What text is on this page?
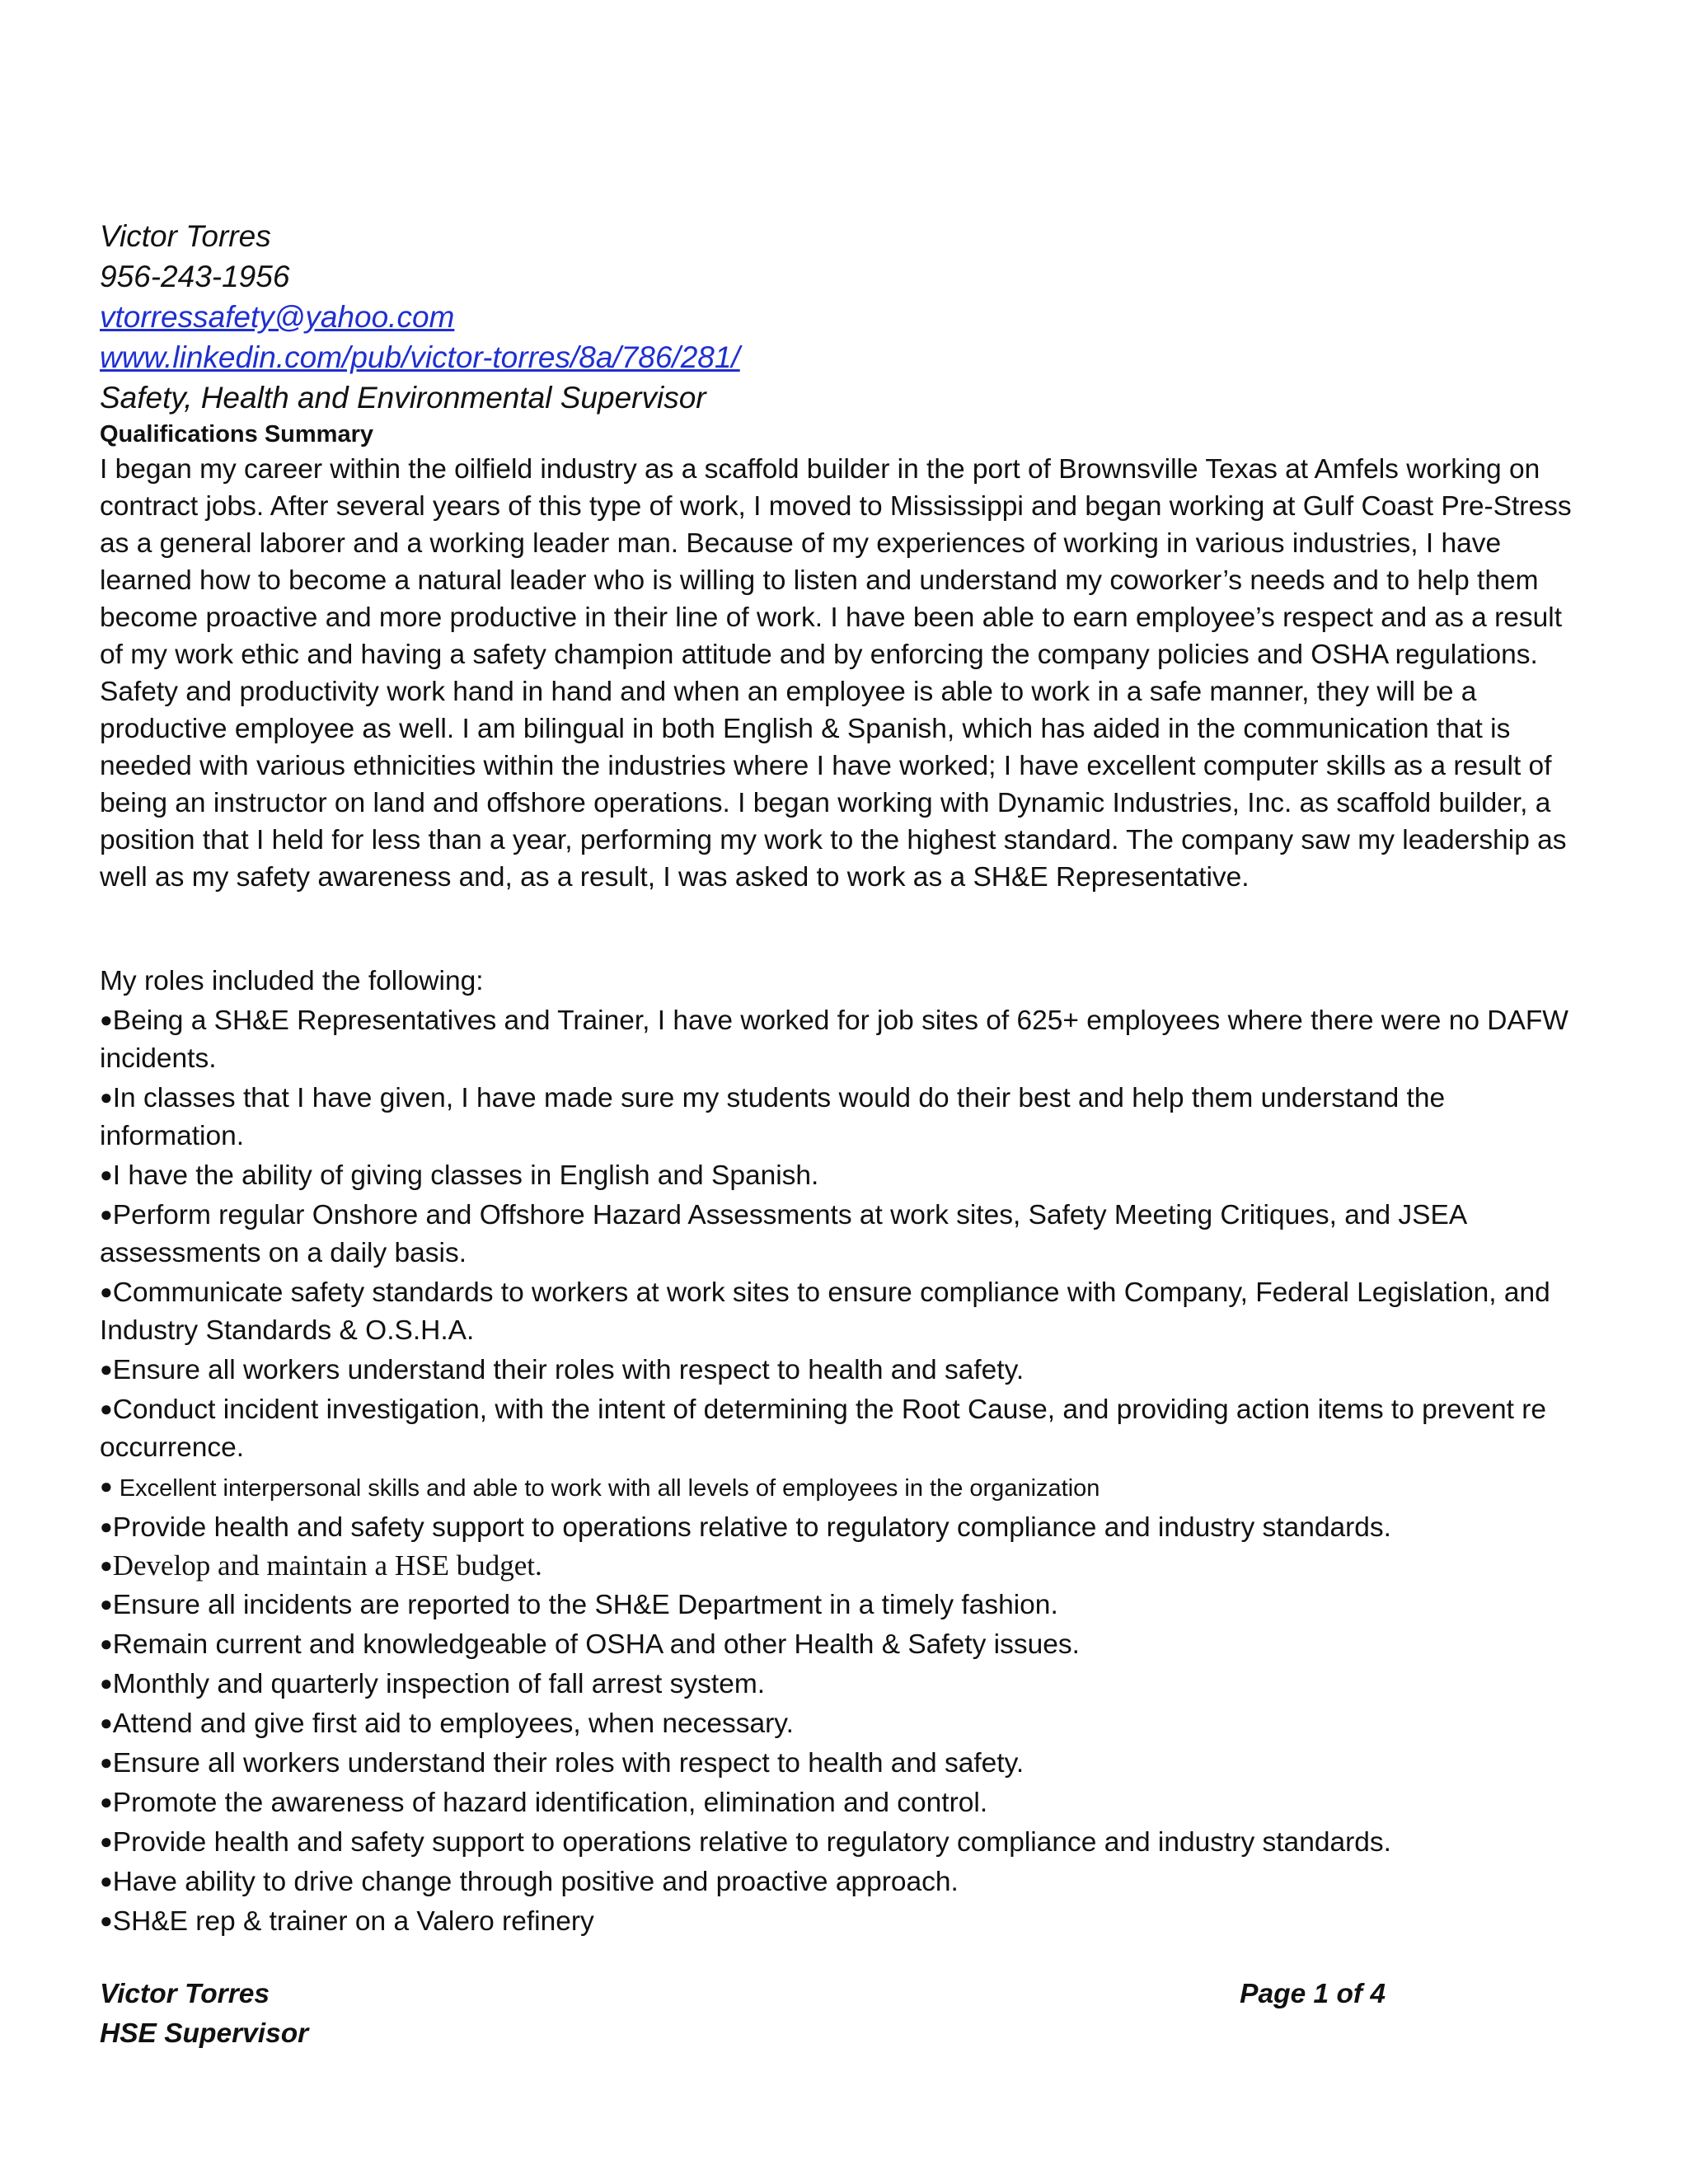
Victor Torres

956-243-1956

vtorressafety@yahoo.com

www.linkedin.com/pub/victor-torres/8a/786/281/

Safety, Health and Environmental Supervisor

Qualifications Summary

I began my career within the oilfield industry as a scaffold builder in the port of Brownsville Texas at Amfels working on contract jobs. After several years of this type of work, I moved to Mississippi and began working at Gulf Coast Pre-Stress as a general laborer and a working leader man. Because of my experiences of working in various industries, I have learned how to become a natural leader who is willing to listen and understand my coworker’s needs and to help them become proactive and more productive in their line of work. I have been able to earn employee’s respect and as a result of my work ethic and having a safety champion attitude and by enforcing the company policies and OSHA regulations. Safety and productivity work hand in hand and when an employee is able to work in a safe manner, they will be a productive employee as well. I am bilingual in both English & Spanish, which has aided in the communication that is needed with various ethnicities within the industries where I have worked; I have excellent computer skills as a result of being an instructor on land and offshore operations. I began working with Dynamic Industries, Inc. as scaffold builder, a position that I held for less than a year, performing my work to the highest standard. The company saw my leadership as well as my safety awareness and, as a result, I was asked to work as a SH&E Representative.

My roles included the following:

●Being a SH&E Representatives and Trainer, I have worked for job sites of 625+ employees where there were no DAFW incidents.
●In classes that I have given, I have made sure my students would do their best and help them understand the information.
●I have the ability of giving classes in English and Spanish.
●Perform regular Onshore and Offshore Hazard Assessments at work sites, Safety Meeting Critiques, and JSEA assessments on a daily basis.
●Communicate safety standards to workers at work sites to ensure compliance with Company, Federal Legislation, and Industry Standards & O.S.H.A.
●Ensure all workers understand their roles with respect to health and safety.
●Conduct incident investigation, with the intent of determining the Root Cause, and providing action items to prevent re occurrence.
● Excellent interpersonal skills and able to work with all levels of employees in the organization
●Provide health and safety support to operations relative to regulatory compliance and industry standards.
●Develop and maintain a HSE budget.
●Ensure all incidents are reported to the SH&E Department in a timely fashion.
●Remain current and knowledgeable of OSHA and other Health & Safety issues.
●Monthly and quarterly inspection of fall arrest system.
●Attend and give first aid to employees, when necessary.
●Ensure all workers understand their roles with respect to health and safety.
●Promote the awareness of hazard identification, elimination and control.
●Provide health and safety support to operations relative to regulatory compliance and industry standards.
●Have ability to drive change through positive and proactive approach.
●SH&E rep & trainer on a Valero refinery
Victor Torres	Page 1 of 4
HSE Supervisor
